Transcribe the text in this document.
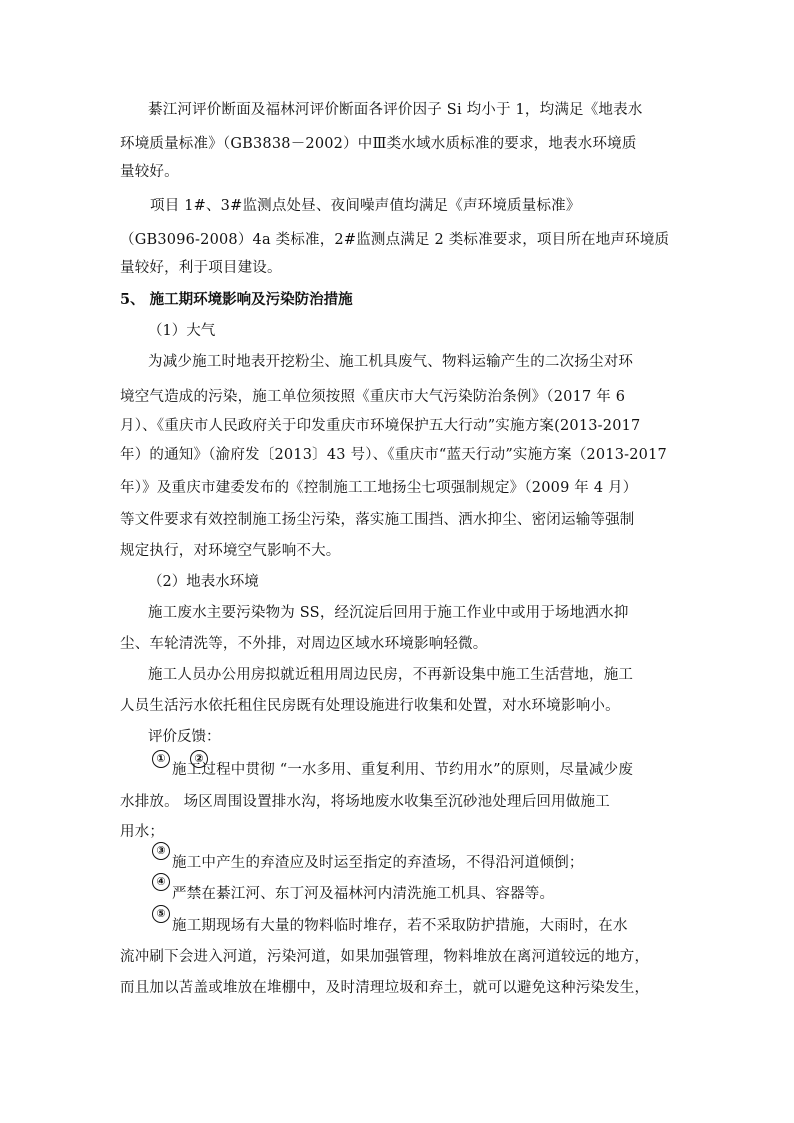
綦江河评价断面及福林河评价断面各评价因子 Si 均小于 1，均满足《地表水
环境质量标准》（GB3838－2002）中Ⅲ类水域水质标准的要求，地表水环境质
量较好。
项目 1#、3#监测点处昼、夜间噪声值均满足《声环境质量标准》
（GB3096-2008）4a 类标准，2#监测点满足 2 类标准要求，项目所在地声环境质
量较好，利于项目建设。
5、 施工期环境影响及污染防治措施
（1）大气
为减少施工时地表开挖粉尘、施工机具废气、物料运输产生的二次扬尘对环
境空气造成的污染，施工单位须按照《重庆市大气污染防治条例》（2017 年 6
月）、《重庆市人民政府关于印发重庆市环境保护五大行动”实施方案(2013-2017
年）的通知》（渝府发〔2013〕43 号）、《重庆市“蓝天行动”实施方案（2013-2017
年）》及重庆市建委发布的《控制施工工地扬尘七项强制规定》（2009 年 4 月）
等文件要求有效控制施工扬尘污染，落实施工围挡、洒水抑尘、密闭运输等强制
规定执行，对环境空气影响不大。
（2）地表水环境
施工废水主要污染物为 SS，经沉淀后回用于施工作业中或用于场地洒水抑
尘、车轮清洗等，不外排，对周边区域水环境影响轻微。
施工人员办公用房拟就近租用周边民房，不再新设集中施工生活营地，施工
人员生活污水依托租住民房既有处理设施进行收集和处置，对水环境影响小。
评价反馈：
①	②
施工过程中贯彻 “一水多用、重复利用、节约用水”的原则，尽量减少废
水排放。 场区周围设置排水沟，将场地废水收集至沉砂池处理后回用做施工
用水；
③
施工中产生的弃渣应及时运至指定的弃渣场，不得沿河道倾倒；
④
严禁在綦江河、东丁河及福林河内清洗施工机具、容器等。
⑤
施工期现场有大量的物料临时堆存，若不采取防护措施，大雨时，在水
流冲刷下会进入河道，污染河道，如果加强管理，物料堆放在离河道较远的地方，
而且加以苫盖或堆放在堆棚中，及时清理垃圾和弃土，就可以避免这种污染发生，
